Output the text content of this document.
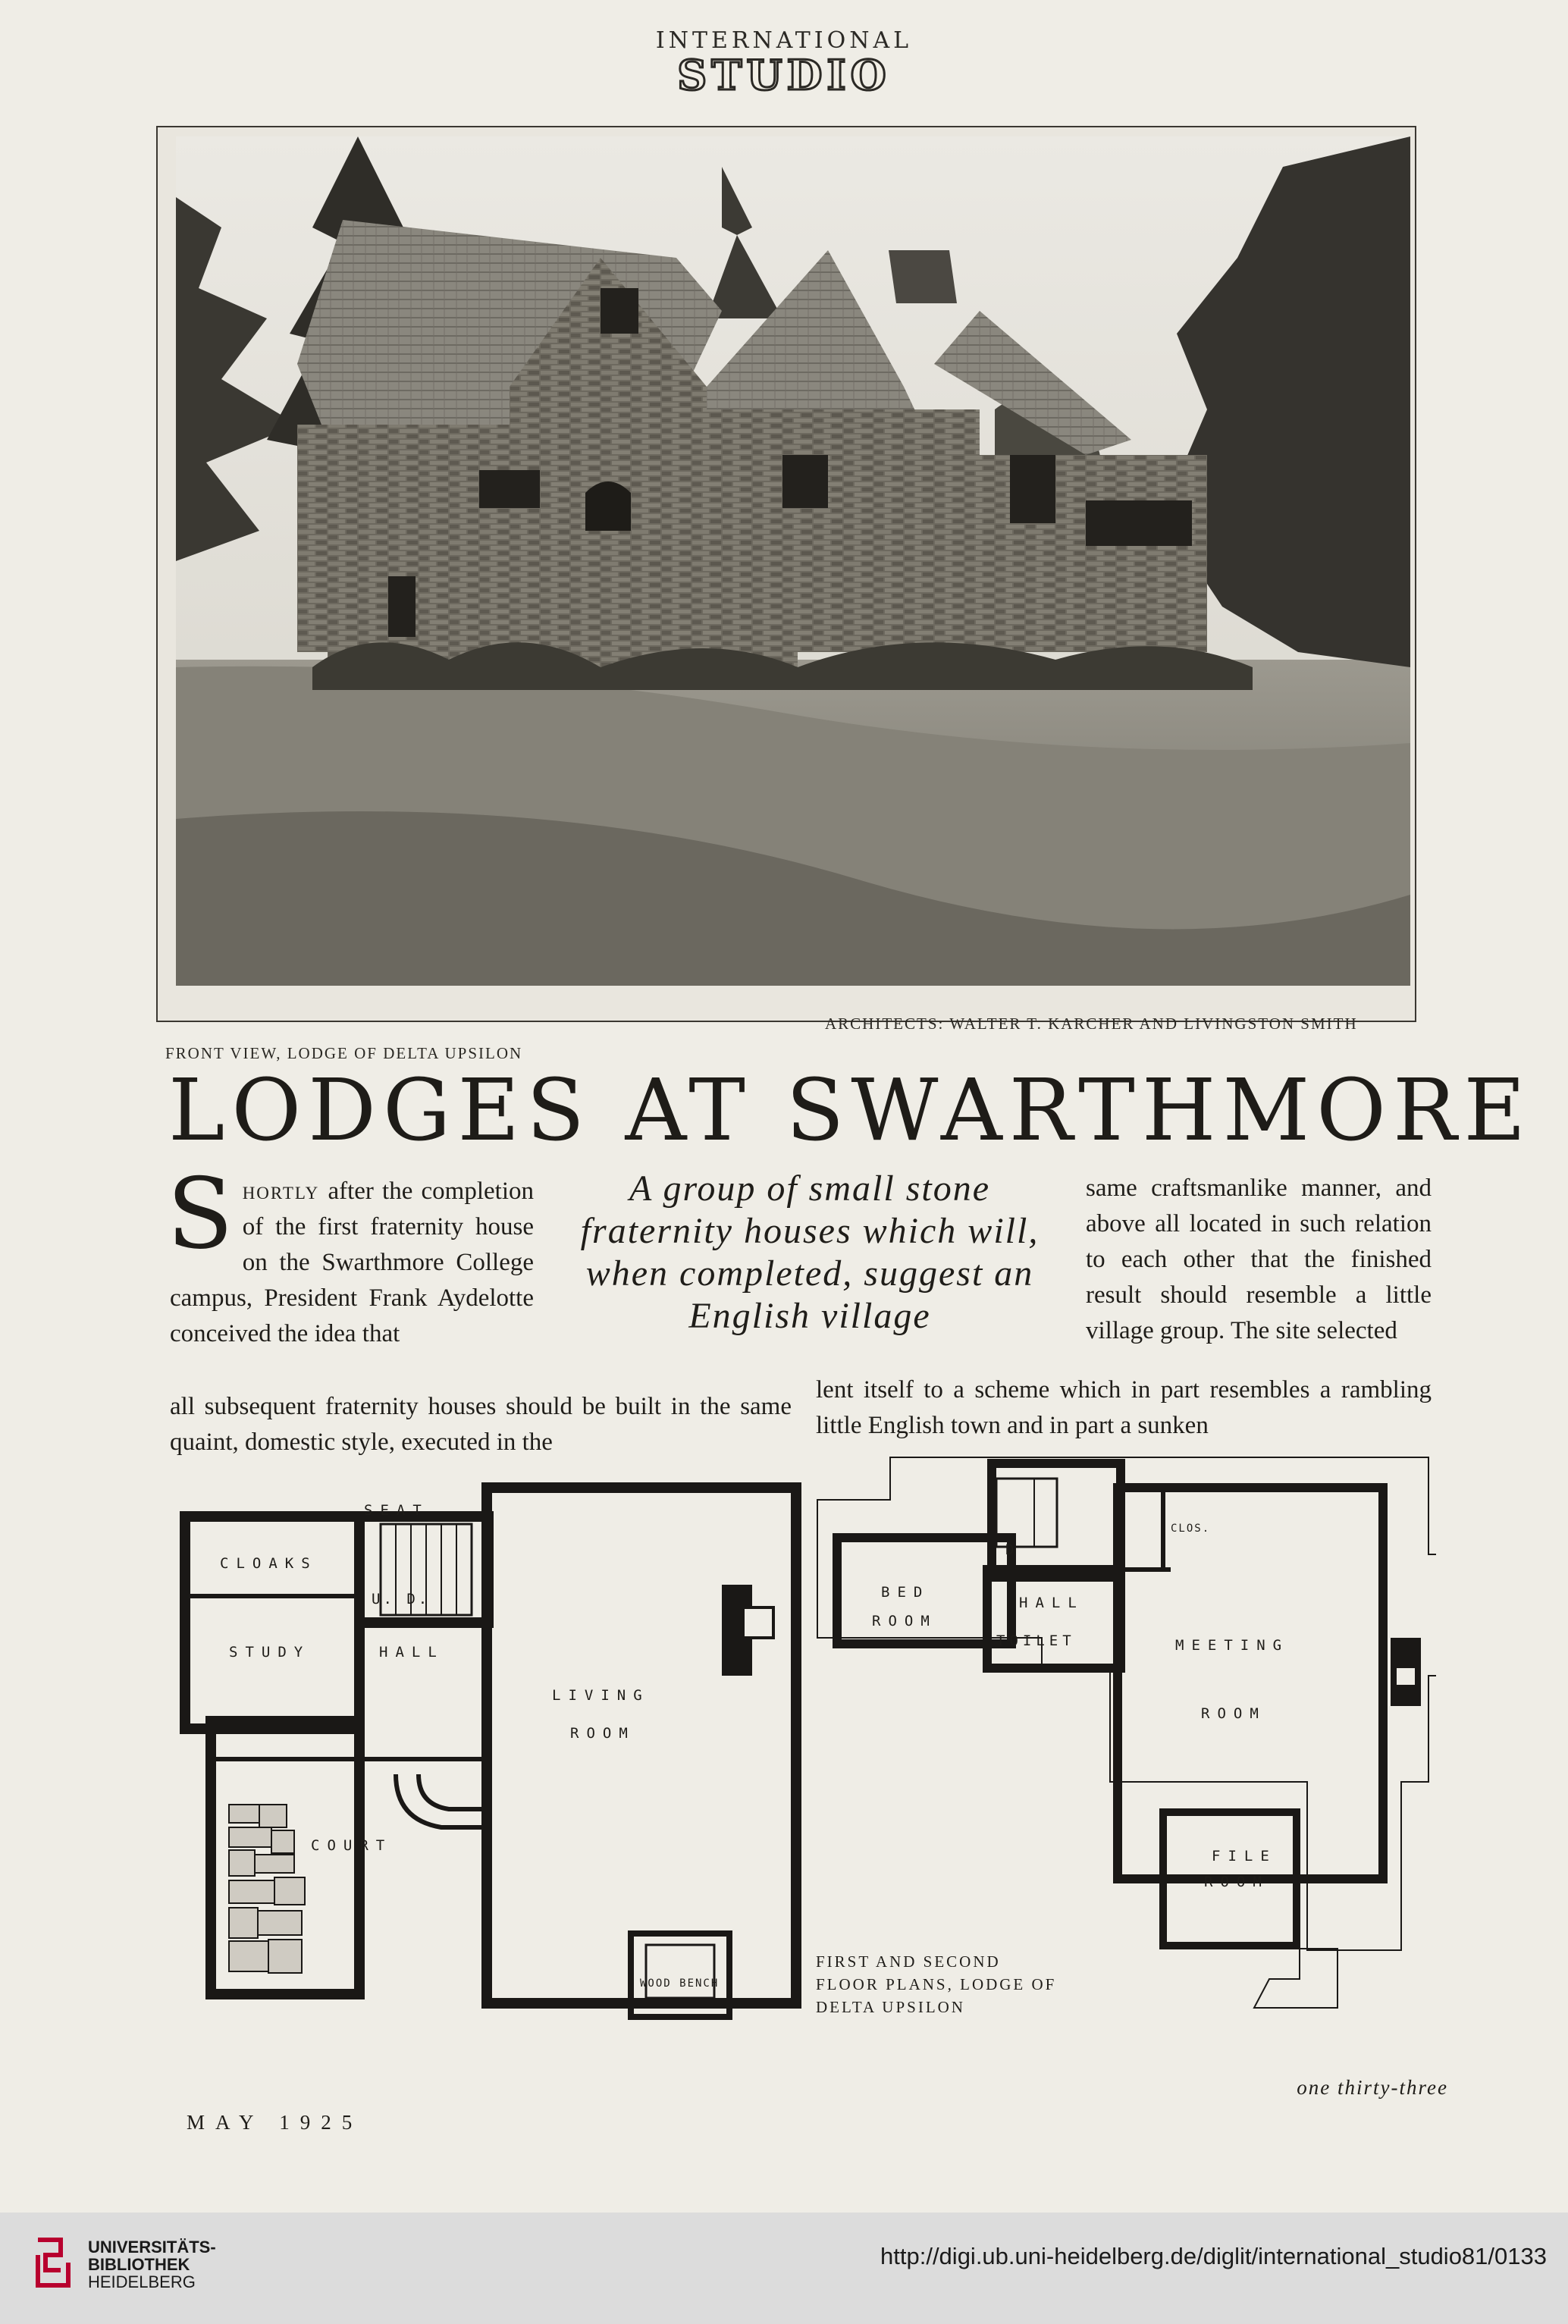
INTERNATIONAL
STUDIO
FRONT VIEW, LODGE OF DELTA UPSILON
ARCHITECTS: WALTER T. KARCHER AND LIVINGSTON SMITH
LODGES AT SWARTHMORE
Shortly after the completion of the first fraternity house on the Swarthmore College campus, President Frank Aydelotte conceived the idea that
A group of small stone fraternity houses which will, when completed, suggest an English village
same craftsmanlike manner, and above all located in such relation to each other that the finished result should resemble a little village group. The site selected
all subsequent fraternity houses should be built in the same quaint, domestic style, executed in the
lent itself to a scheme which in part resembles a rambling little English town and in part a sunken
SEAT
CLOAKS
U. D.
STUDY	HALL
LIVING
ROOM
COURT
WOOD BENCH
CLOS.
D
BED
ROOM
HALL
TOILET	MEETING
ROOM
FILE
ROOM
FIRST AND SECOND FLOOR PLANS, LODGE OF DELTA UPSILON
one thirty-three
MAY 1925
UNIVERSITÄTS-
BIBLIOTHEK
HEIDELBERG
http://digi.ub.uni-heidelberg.de/diglit/international_studio81/0133
